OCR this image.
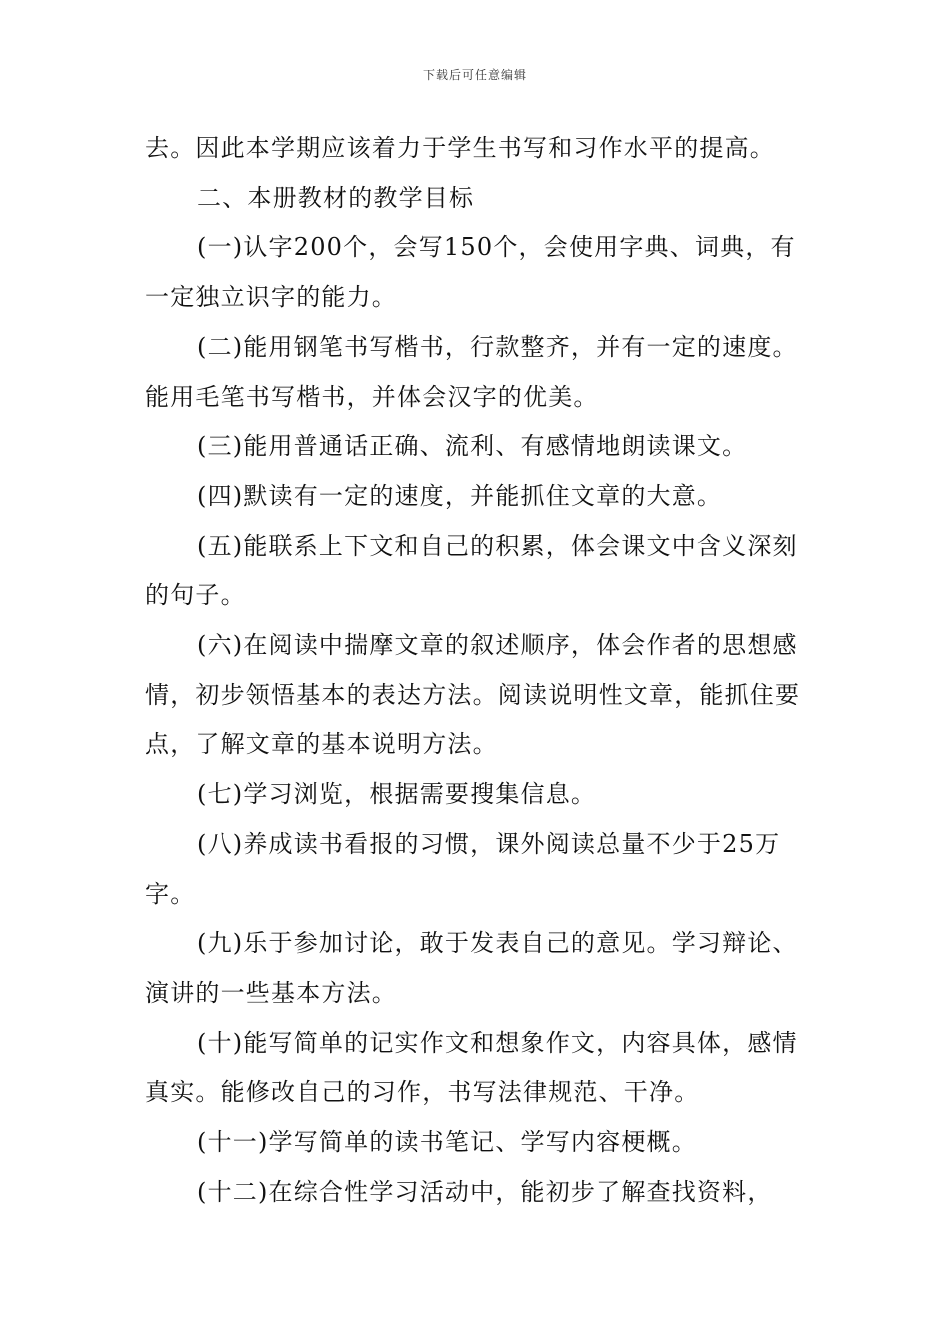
下载后可任意编辑

去。因此本学期应该着力于学生书写和习作水平的提高。

二、本册教材的教学目标

(一)认字200个，会写150个，会使用字典、词典，有一定独立识字的能力。

(二)能用钢笔书写楷书，行款整齐，并有一定的速度。能用毛笔书写楷书，并体会汉字的优美。

(三)能用普通话正确、流利、有感情地朗读课文。

(四)默读有一定的速度，并能抓住文章的大意。

(五)能联系上下文和自己的积累，体会课文中含义深刻的句子。

(六)在阅读中揣摩文章的叙述顺序，体会作者的思想感情，初步领悟基本的表达方法。阅读说明性文章，能抓住要点，了解文章的基本说明方法。

(七)学习浏览，根据需要搜集信息。

(八)养成读书看报的习惯，课外阅读总量不少于25万字。

(九)乐于参加讨论，敢于发表自己的意见。学习辩论、演讲的一些基本方法。

(十)能写简单的记实作文和想象作文，内容具体，感情真实。能修改自己的习作，书写法律规范、干净。

(十一)学写简单的读书笔记、学写内容梗概。

(十二)在综合性学习活动中，能初步了解查找资料，
